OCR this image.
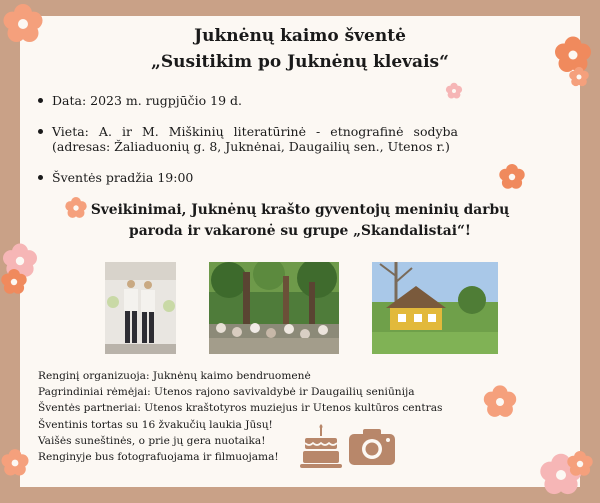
Juknėnų kaimo šventė
„Susitikim po Juknėnų klevais“
Data: 2023 m. rugpjūčio 19 d.
Vieta: A. ir M. Miškinių literatūrinė - etnografinė sodyba (adresas: Žaliaduonių g. 8, Juknėnai, Daugailių sen., Utenos r.)
Šventės pradžia 19:00
Sveikinimai, Juknėnų krašto gyventojų meninių darbų
paroda ir vakaronė su grupe „Skandalistai“!
Renginį organizuoja: Juknėnų kaimo bendruomenė
Pagrindiniai rėmėjai: Utenos rajono savivaldybė ir Daugailių seniūnija
Šventės partneriai: Utenos kraštotyros muziejus ir Utenos kultūros centras
Šventinis tortas su 16 žvakučių laukia Jūsų!
Vaišės suneštinės, o prie jų gera nuotaika!
Renginyje bus fotografuojama ir filmuojama!
